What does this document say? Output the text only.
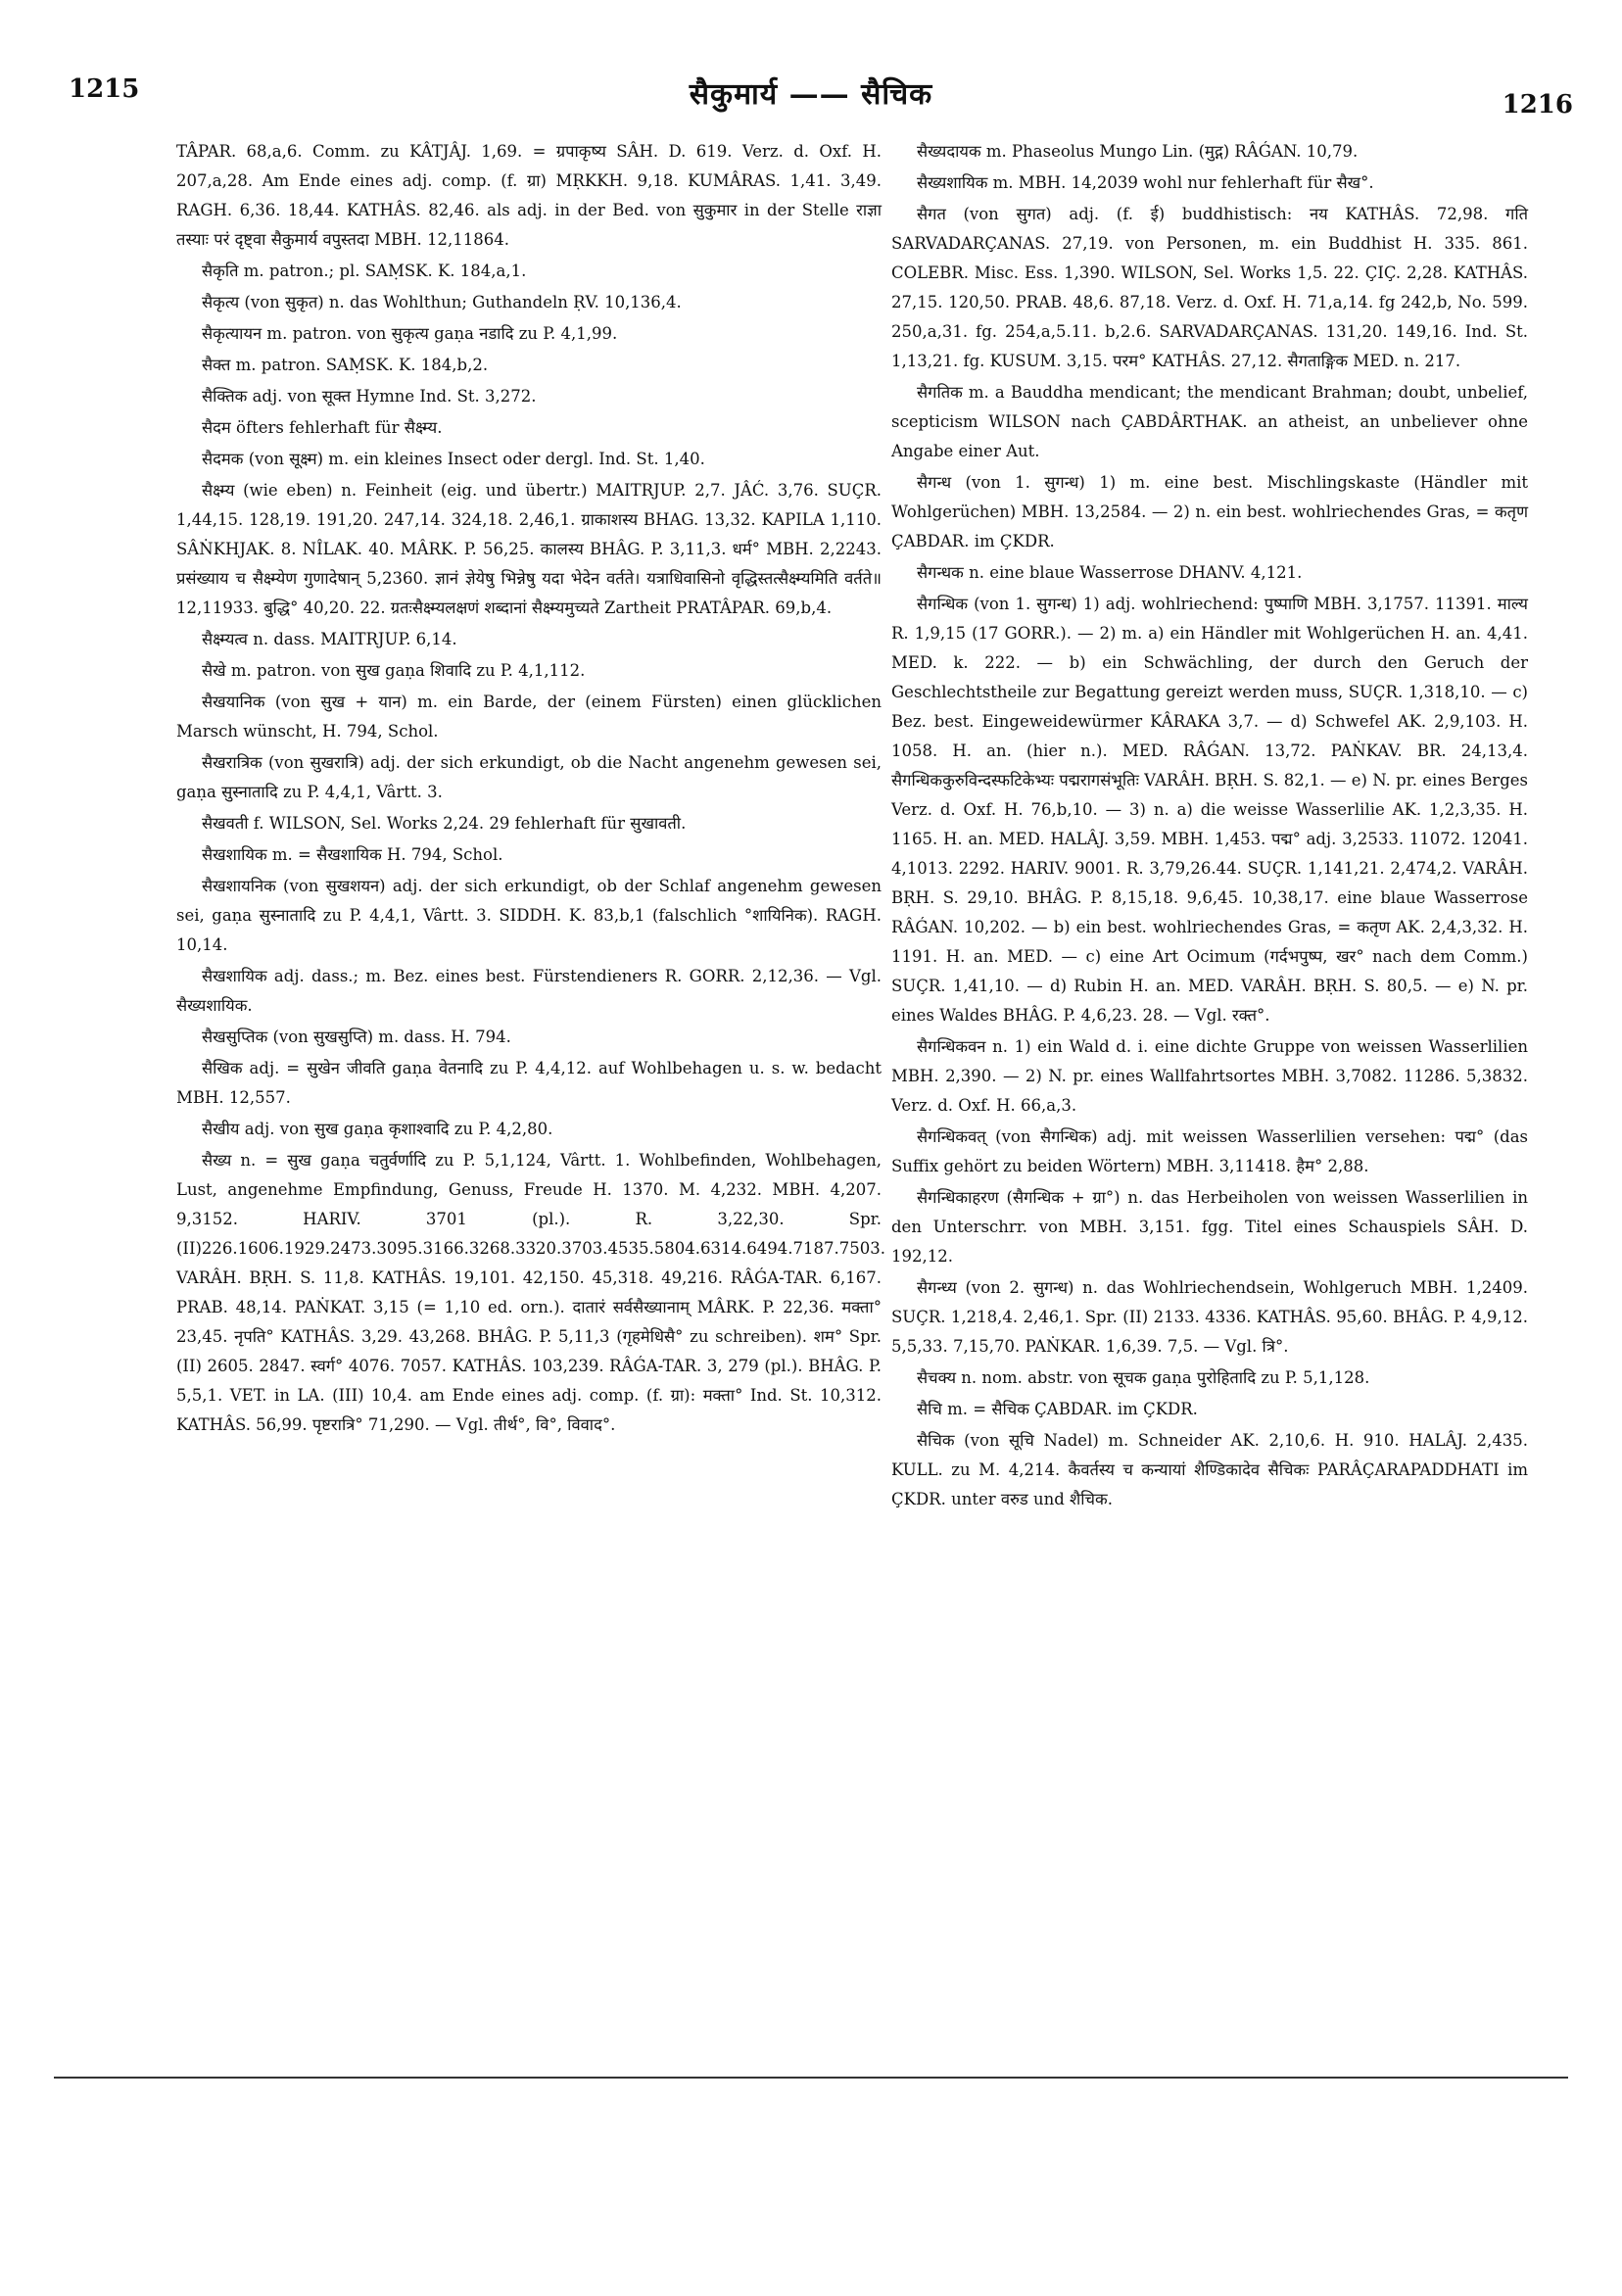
1215	सैकुमार्य —— सैचिक	1216

TÂPAR. 68,a,6. Comm. zu KÂTJÂJ. 1,69. = ग्रपाकृष्य SÂH. D. 619. Verz. d. Oxf. H. 207,a,28. Am Ende eines adj. comp. (f. ग्रा) MṚKKH. 9,18. KUMÂRAS. 1,41. 3,49. RAGH. 6,36. 18,44. KATHÂS. 82,46. als adj. in der Bed. von सुकुमार in der Stelle राज्ञा तस्याः परं दृष्ट्वा सैकुमार्य वपुस्तदा MBH. 12,11864.

सैकृति m. patron.; pl. SAṂSK. K. 184,a,1.

सैकृत्य (von सुकृत) n. das Wohlthun; Guthandeln ṚV. 10,136,4.

सैकृत्यायन m. patron. von सुकृत्य gaṇa नडादि zu P. 4,1,99.

सैक्त m. patron. SAṂSK. K. 184,b,2.

सैक्तिक adj. von सूक्त Hymne Ind. St. 3,272.

सैदम öfters fehlerhaft für सैक्ष्म्य.

सैदमक (von सूक्ष्म) m. ein kleines Insect oder dergl. Ind. St. 1,40.

सैक्ष्म्य (wie eben) n. Feinheit (eig. und übertr.) MAITRJUP. 2,7. JÂĆ. 3,76. SUÇR. 1,44,15. 128,19. 191,20. 247,14. 324,18. 2,46,1. ग्राकाशस्य BHAG. 13,32. KAPILA 1,110. SÂṄKHJAK. 8. NÎLAK. 40. MÂRK. P. 56,25. कालस्य BHÂG. P. 3,11,3. धर्म° MBH. 2,2243. प्रसंख्याय च सैक्ष्म्येण गुणादेषान् 5,2360. ज्ञानं ज्ञेयेषु भिन्नेषु यदा भेदेन वर्तते। यत्राधिवासिनो वृद्धिस्तत्सैक्ष्म्यमिति वर्तते॥ 12,11933. बुद्धि° 40,20. 22. ग्रतःसैक्ष्म्यलक्षणं शब्दानां सैक्ष्म्यमुच्यते Zartheit PRATÂPAR. 69,b,4.

सैक्ष्म्यत्व n. dass. MAITRJUP. 6,14.

सैखे m. patron. von सुख gaṇa शिवादि zu P. 4,1,112.

सैखयानिक (von सुख + यान) m. ein Barde, der (einem Fürsten) einen glücklichen Marsch wünscht, H. 794, Schol.

सैखरात्रिक (von सुखरात्रि) adj. der sich erkundigt, ob die Nacht angenehm gewesen sei, gaṇa सुस्नातादि zu P. 4,4,1, Vârtt. 3.

सैखवती f. WILSON, Sel. Works 2,24. 29 fehlerhaft für सुखावती.

सैखशायिक m. = सैखशायिक H. 794, Schol.

सैखशायनिक (von सुखशयन) adj. der sich erkundigt, ob der Schlaf angenehm gewesen sei, gaṇa सुस्नातादि zu P. 4,4,1, Vârtt. 3. SIDDH. K. 83,b,1 (falschlich °शायिनिक). RAGH. 10,14.

सैखशायिक adj. dass.; m. Bez. eines best. Fürstendieners R. GORR. 2,12,36. — Vgl. सैख्यशायिक.

सैखसुप्तिक (von सुखसुप्ति) m. dass. H. 794.

सैखिक adj. = सुखेन जीवति gaṇa वेतनादि zu P. 4,4,12. auf Wohlbehagen u. s. w. bedacht MBH. 12,557.

सैखीय adj. von सुख gaṇa कृशाश्वादि zu P. 4,2,80.

सैख्य n. = सुख gaṇa चतुर्वर्णादि zu P. 5,1,124, Vârtt. 1. Wohlbefinden, Wohlbehagen, Lust, angenehme Empfindung, Genuss, Freude H. 1370. M. 4,232. MBH. 4,207. 9,3152. HARIV. 3701 (pl.). R. 3,22,30. Spr.(II)226.1606.1929.2473.3095.3166.3268.3320.3703.4535.5804.6314.6494.7187.7503. VARÂH. BṚH. S. 11,8. KATHÂS. 19,101. 42,150. 45,318. 49,216. RÂǴA-TAR. 6,167. PRAB. 48,14. PAṄKAT. 3,15 (= 1,10 ed. orn.). दातारं सर्वसैख्यानाम् MÂRK. P. 22,36. मक्ता° 23,45. नृपति° KATHÂS. 3,29. 43,268. BHÂG. P. 5,11,3 (गृहमेधिसै° zu schreiben). शम° Spr. (II) 2605. 2847. स्वर्ग° 4076. 7057. KATHÂS. 103,239. RÂǴA-TAR. 3, 279 (pl.). BHÂG. P. 5,5,1. VET. in LA. (III) 10,4. am Ende eines adj. comp. (f. ग्रा): मक्ता° Ind. St. 10,312. KATHÂS. 56,99. पृष्टरात्रि° 71,290. — Vgl. तीर्थ°, वि°, विवाद°.

सैख्यदायक m. Phaseolus Mungo Lin. (मुद्ग) RÂǴAN. 10,79.

सैख्यशायिक m. MBH. 14,2039 wohl nur fehlerhaft für सैख°.

सैगत (von सुगत) adj. (f. ई) buddhistisch: नय KATHÂS. 72,98. गति SARVADARÇANAS. 27,19. von Personen, m. ein Buddhist H. 335. 861. COLEBR. Misc. Ess. 1,390. WILSON, Sel. Works 1,5. 22. ÇIÇ. 2,28. KATHÂS. 27,15. 120,50. PRAB. 48,6. 87,18. Verz. d. Oxf. H. 71,a,14. fg 242,b, No. 599. 250,a,31. fg. 254,a,5.11. b,2.6. SARVADARÇANAS. 131,20. 149,16. Ind. St. 1,13,21. fg. KUSUM. 3,15. परम° KATHÂS. 27,12. सैगताङ्गिक MED. n. 217.

सैगतिक m. a Bauddha mendicant; the mendicant Brahman; doubt, unbelief, scepticism WILSON nach ÇABDÂRTHAK. an atheist, an unbeliever ohne Angabe einer Aut.

सैगन्ध (von 1. सुगन्ध) 1) m. eine best. Mischlingskaste (Händler mit Wohlgerüchen) MBH. 13,2584. — 2) n. ein best. wohlriechendes Gras, = कतृण ÇABDAR. im ÇKDR.

सैगन्धक n. eine blaue Wasserrose DHANV. 4,121.

सैगन्धिक (von 1. सुगन्ध) 1) adj. wohlriechend: पुष्पाणि MBH. 3,1757. 11391. माल्य R. 1,9,15 (17 GORR.). — 2) m. a) ein Händler mit Wohlgerüchen H. an. 4,41. MED. k. 222. — b) ein Schwächling, der durch den Geruch der Geschlechtstheile zur Begattung gereizt werden muss, SUÇR. 1,318,10. — c) Bez. best. Eingeweidewürmer KÂRAKA 3,7. — d) Schwefel AK. 2,9,103. H. 1058. H. an. (hier n.). MED. RÂǴAN. 13,72. PAṄKAV. BR. 24,13,4. सैगन्धिककुरुविन्दस्फटिकेभ्यः पद्मरागसंभूतिः VARÂH. BṚH. S. 82,1. — e) N. pr. eines Berges Verz. d. Oxf. H. 76,b,10. — 3) n. a) die weisse Wasserlilie AK. 1,2,3,35. H. 1165. H. an. MED. HALÂJ. 3,59. MBH. 1,453. पद्म° adj. 3,2533. 11072. 12041. 4,1013. 2292. HARIV. 9001. R. 3,79,26.44. SUÇR. 1,141,21. 2,474,2. VARÂH. BṚH. S. 29,10. BHÂG. P. 8,15,18. 9,6,45. 10,38,17. eine blaue Wasserrose RÂǴAN. 10,202. — b) ein best. wohlriechendes Gras, = कतृण AK. 2,4,3,32. H. 1191. H. an. MED. — c) eine Art Ocimum (गर्दभपुष्प, खर° nach dem Comm.) SUÇR. 1,41,10. — d) Rubin H. an. MED. VARÂH. BṚH. S. 80,5. — e) N. pr. eines Waldes BHÂG. P. 4,6,23. 28. — Vgl. रक्त°.

सैगन्धिकवन n. 1) ein Wald d. i. eine dichte Gruppe von weissen Wasserlilien MBH. 2,390. — 2) N. pr. eines Wallfahrtsortes MBH. 3,7082. 11286. 5,3832. Verz. d. Oxf. H. 66,a,3.

सैगन्धिकवत् (von सैगन्धिक) adj. mit weissen Wasserlilien versehen: पद्म° (das Suffix gehört zu beiden Wörtern) MBH. 3,11418. हैम° 2,88.

सैगन्धिकाहरण (सैगन्धिक + ग्रा°) n. das Herbeiholen von weissen Wasserlilien in den Unterschrr. von MBH. 3,151. fgg. Titel eines Schauspiels SÂH. D. 192,12.

सैगन्ध्य (von 2. सुगन्ध) n. das Wohlriechendsein, Wohlgeruch MBH. 1,2409. SUÇR. 1,218,4. 2,46,1. Spr. (II) 2133. 4336. KATHÂS. 95,60. BHÂG. P. 4,9,12. 5,5,33. 7,15,70. PAṄKAR. 1,6,39. 7,5. — Vgl. त्रि°.

सैचक्य n. nom. abstr. von सूचक gaṇa पुरोहितादि zu P. 5,1,128.

सैचि m. = सैचिक ÇABDAR. im ÇKDR.

सैचिक (von सूचि Nadel) m. Schneider AK. 2,10,6. H. 910. HALÂJ. 2,435. KULL. zu M. 4,214. कैवर्तस्य च कन्यायां शैण्डिकादेव सैचिकः PARÂÇARAPADDHATI im ÇKDR. unter वरुड und शैचिक.
